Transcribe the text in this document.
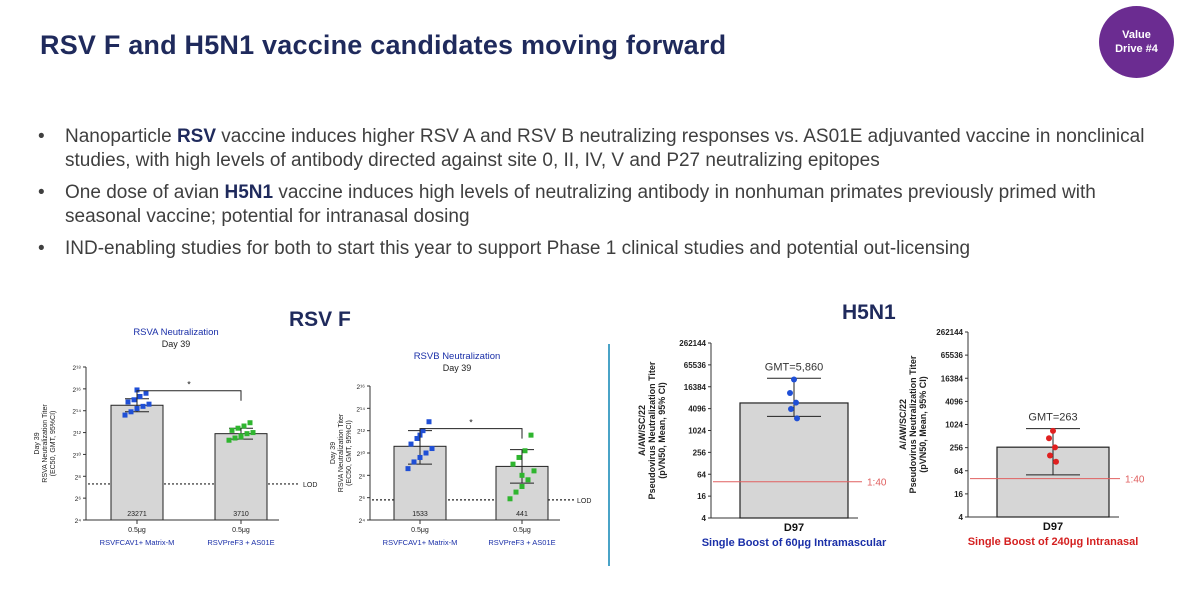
RSV F and H5N1 vaccine candidates moving forward	Value
Drive #4
• Nanoparticle RSV vaccine induces higher RSV A and RSV B neutralizing responses vs. AS01E adjuvanted vaccine in nonclinical studies, with high levels of antibody directed against site 0, II, IV, V and P27 neutralizing epitopes
• One dose of avian H5N1 vaccine induces high levels of neutralizing antibody in nonhuman primates previously primed with seasonal vaccine; potential for intranasal dosing
• IND-enabling studies for both to start this year to support Phase 1 clinical studies and potential out-licensing
RSV F	H5N1
RSVA Neutralization
Day 39
2⁴
2⁶
2⁸
2¹⁰
2¹²
2¹⁴
2¹⁶
2¹⁸
Day 39 RSVA Neutralization Titer (EC50, GMT, 95%CI)
LOD
23271
0.5μg
RSVFCAV1+ Matrix-M
3710
0.5μg
RSVPreF3 + AS01E
*
RSVB Neutralization
Day 39
2⁴
2⁶
2⁸
2¹⁰
2¹²
2¹⁴
2¹⁶
Day 39 RSVA Neutralization Titer (EC50, GMT, 95%CI)
LOD
1533
0.5μg
RSVFCAV1+ Matrix-M
441
0.5μg
RSVPreF3 + AS01E
*
4
16
64
256
1024
4096
16384
65536
262144
A/AW/SC/22 Pseudovirus Neutralization Titer (pVN50, Mean, 95% CI)
1:40
GMT=5,860
D97
Single Boost of 60μg Intramascular
4
16
64
256
1024
4096
16384
65536
262144
A/AW/SC/22 Pseudovirus Neutralization Titer (pVN50, Mean, 95% CI)
1:40
GMT=263
D97
Single Boost of 240μg Intranasal
